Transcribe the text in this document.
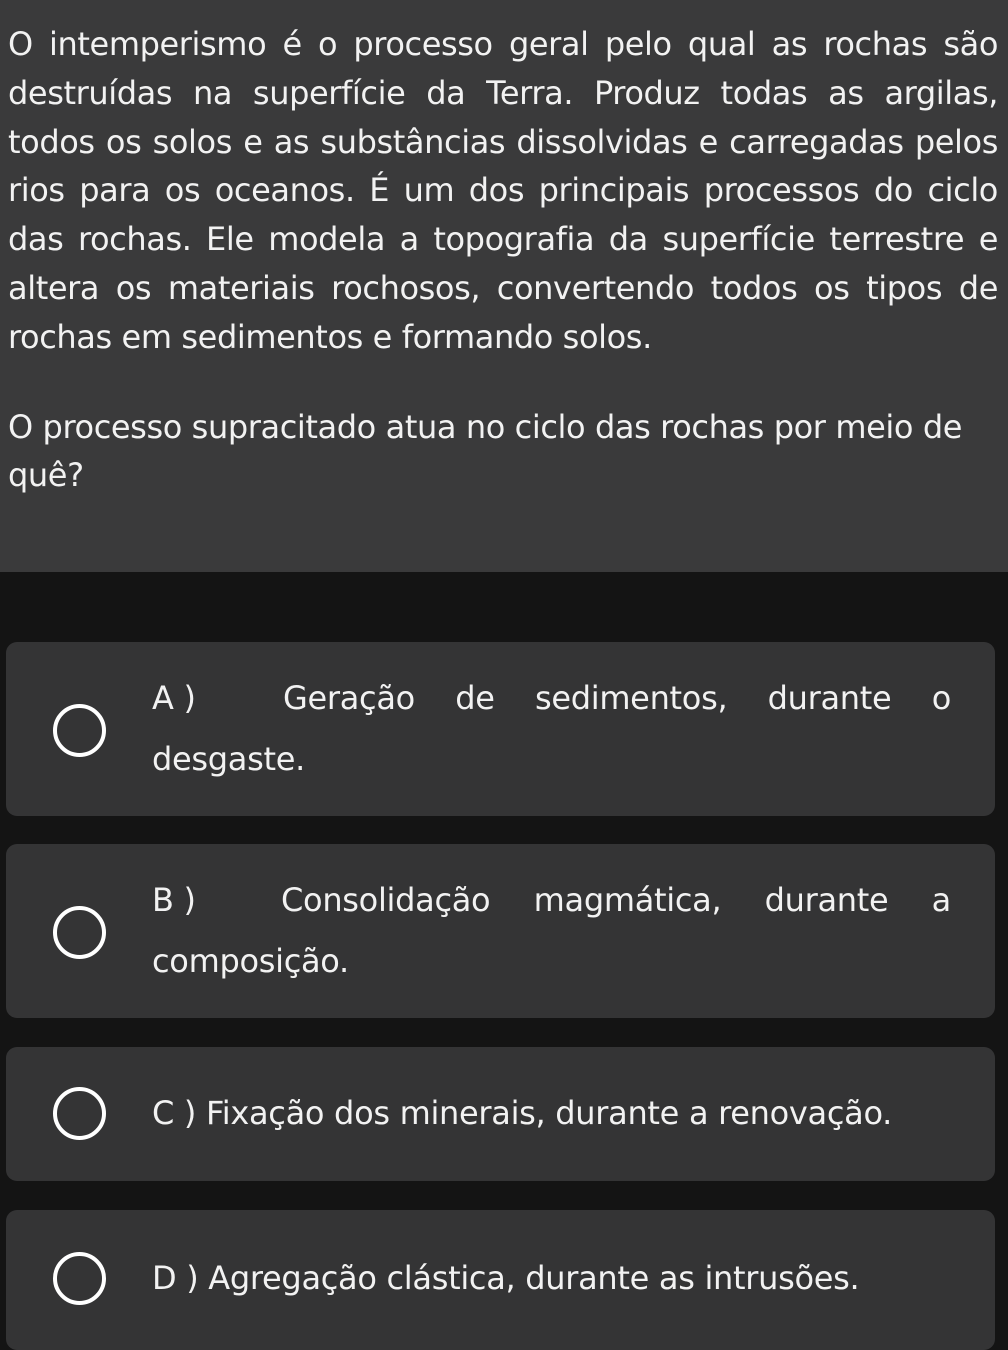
O intemperismo é o processo geral pelo qual as rochas são destruídas na superfície da Terra. Produz todas as argilas, todos os solos e as substâncias dissolvidas e carregadas pelos rios para os oceanos. É um dos principais processos do ciclo das rochas. Ele modela a topografia da superfície terrestre e altera os materiais rochosos, convertendo todos os tipos de rochas em sedimentos e formando solos.

O processo supracitado atua no ciclo das rochas por meio de quê?

A )	Geração de sedimentos, durante o
desgaste.
B )	Consolidação magmática, durante a
composição.
C ) Fixação dos minerais, durante a renovação.
D ) Agregação clástica, durante as intrusões.
